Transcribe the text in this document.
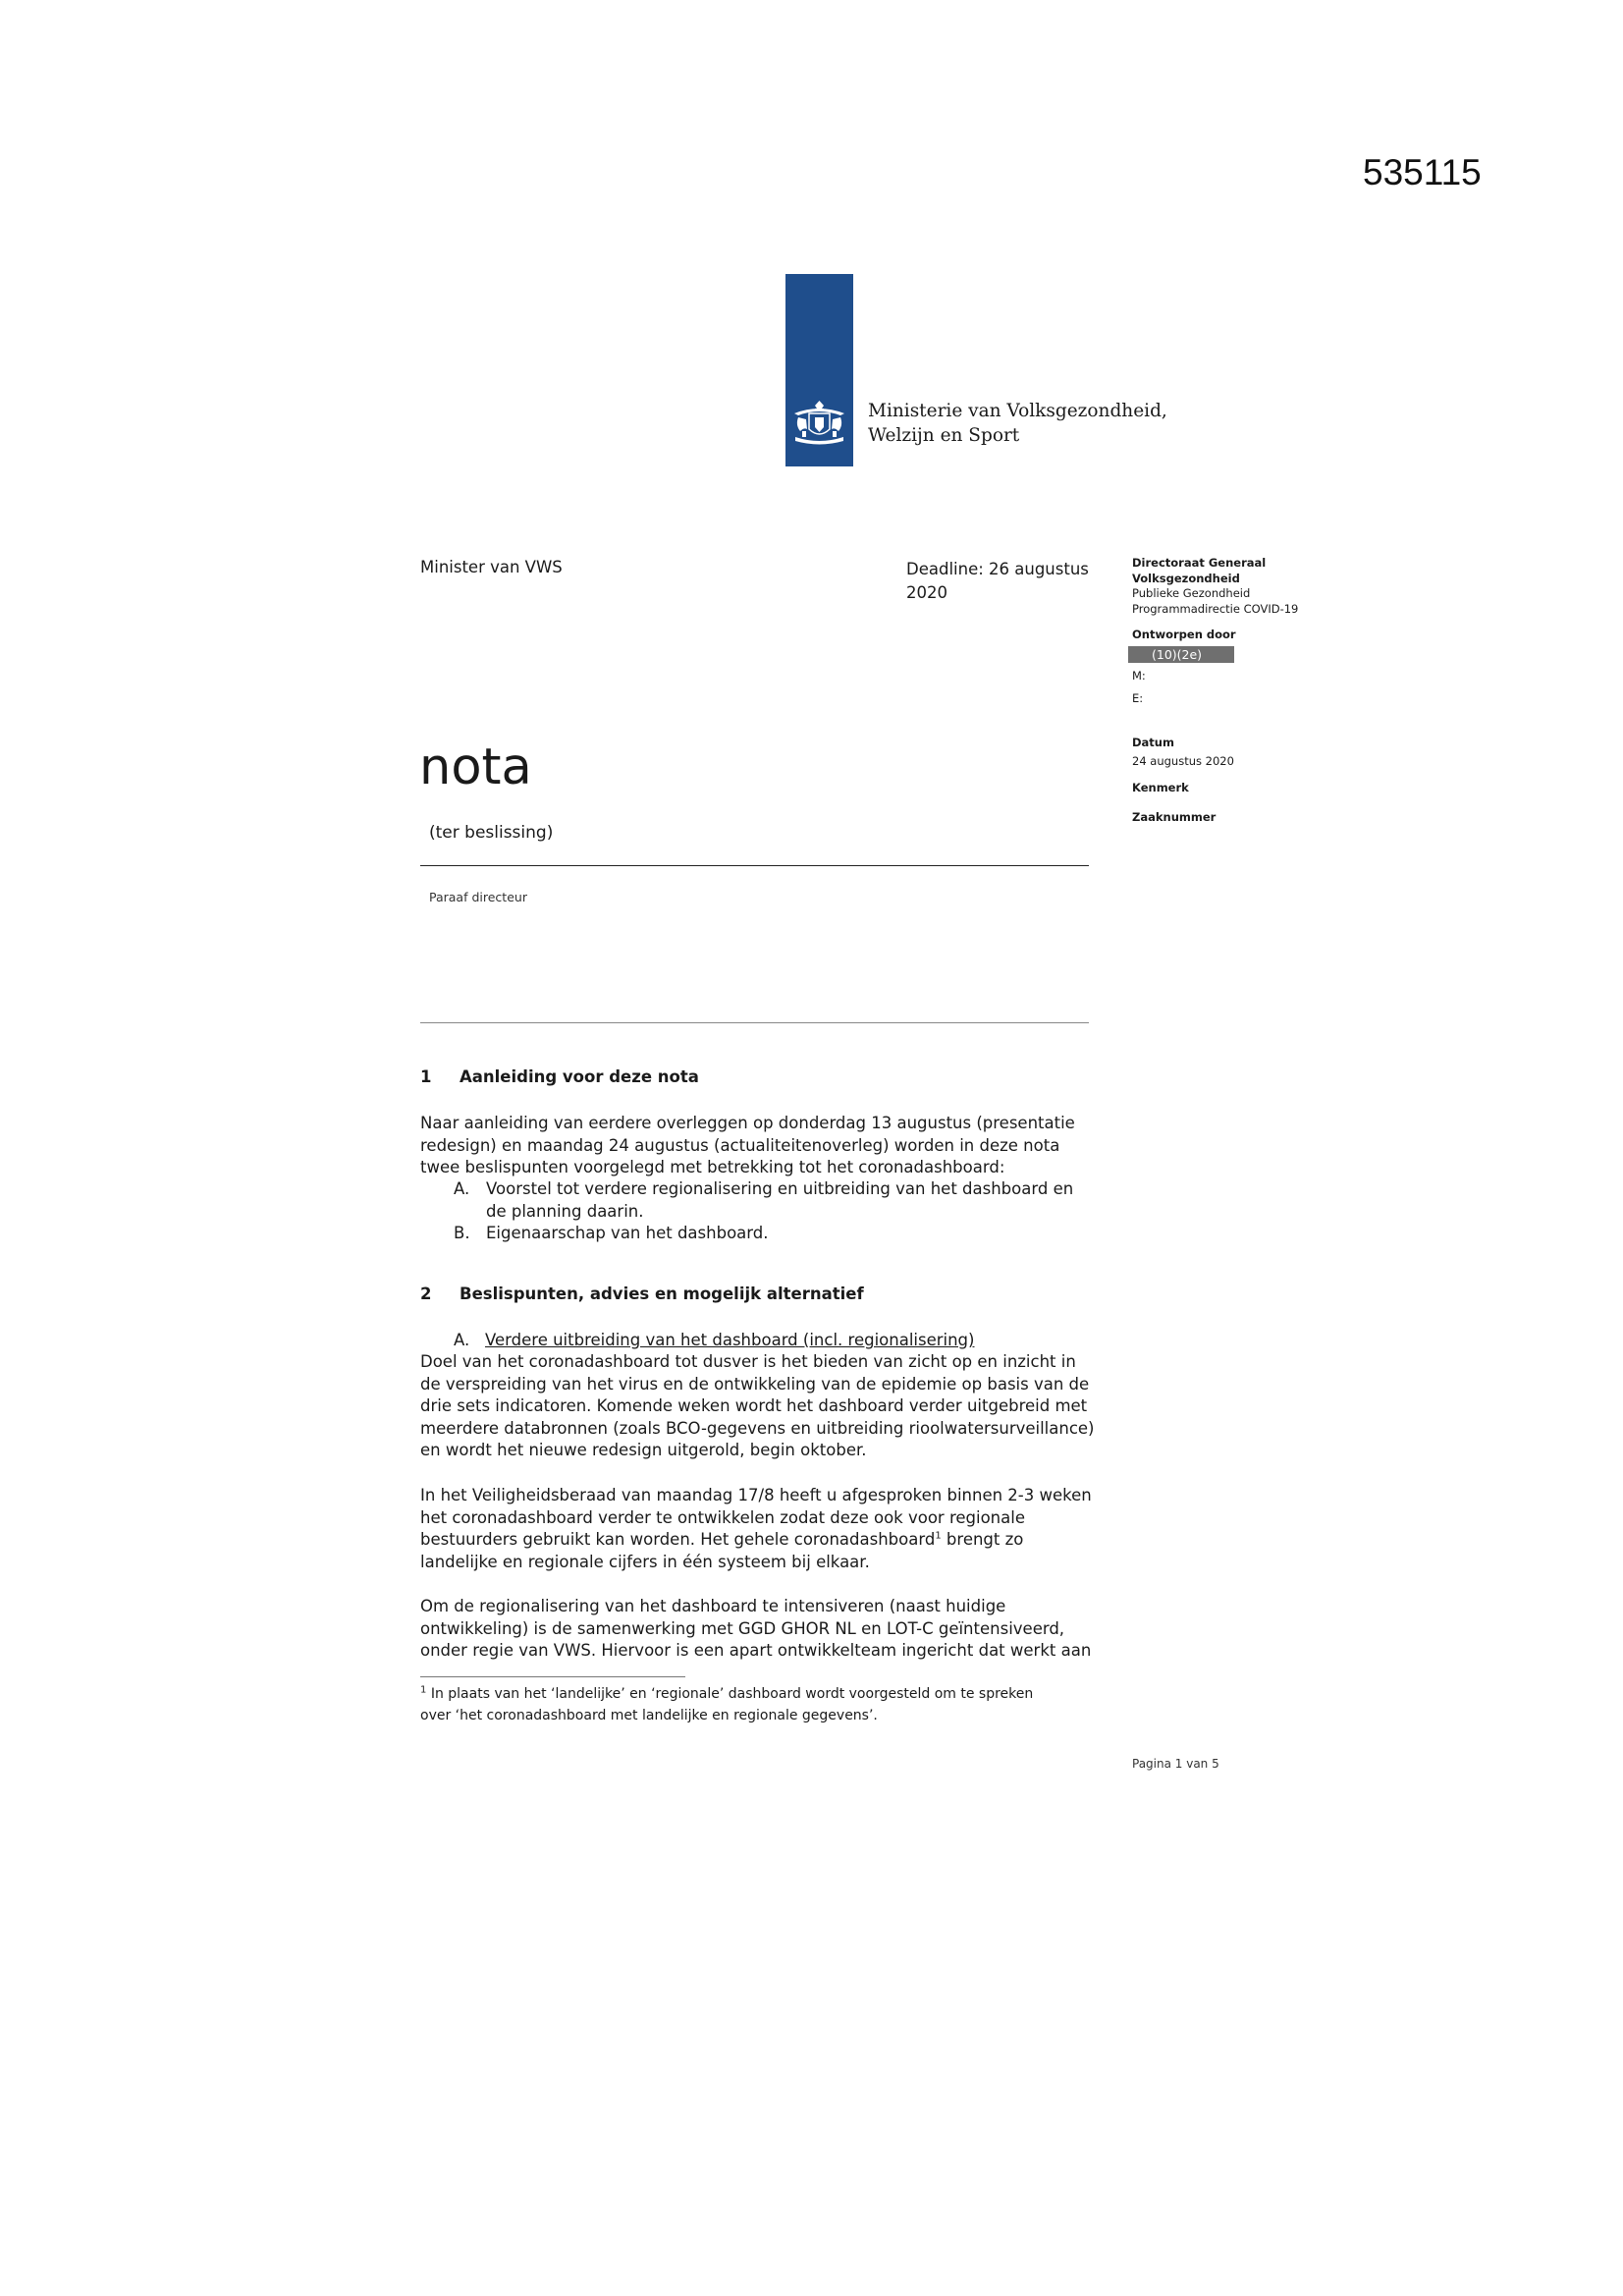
535115
Ministerie van Volksgezondheid,
Welzijn en Sport
Minister van VWS	Deadline: 26 augustus
2020
Directoraat Generaal
Volksgezondheid
Publieke Gezondheid
Programmadirectie COVID-19
Ontworpen door
(10)(2e)
M:
E:
Datum
24 augustus 2020
Kenmerk
Zaaknummer
nota
(ter beslissing)
Paraaf directeur
1 Aanleiding voor deze nota

Naar aanleiding van eerdere overleggen op donderdag 13 augustus (presentatie

redesign) en maandag 24 augustus (actualiteitenoverleg) worden in deze nota

twee beslispunten voorgelegd met betrekking tot het coronadashboard:

A. Voorstel tot verdere regionalisering en uitbreiding van het dashboard en
de planning daarin.
B. Eigenaarschap van het dashboard.
2 Beslispunten, advies en mogelijk alternatief
A. Verdere uitbreiding van het dashboard (incl. regionalisering)

Doel van het coronadashboard tot dusver is het bieden van zicht op en inzicht in

de verspreiding van het virus en de ontwikkeling van de epidemie op basis van de

drie sets indicatoren. Komende weken wordt het dashboard verder uitgebreid met

meerdere databronnen (zoals BCO-gegevens en uitbreiding rioolwatersurveillance)

en wordt het nieuwe redesign uitgerold, begin oktober.

In het Veiligheidsberaad van maandag 17/8 heeft u afgesproken binnen 2-3 weken

het coronadashboard verder te ontwikkelen zodat deze ook voor regionale

bestuurders gebruikt kan worden. Het gehele coronadashboard$^1$ brengt zo

landelijke en regionale cijfers in één systeem bij elkaar.

Om de regionalisering van het dashboard te intensiveren (naast huidige

ontwikkeling) is de samenwerking met GGD GHOR NL en LOT-C geïntensiveerd,

onder regie van VWS. Hiervoor is een apart ontwikkelteam ingericht dat werkt aan

$^1$ In plaats van het ‘landelijke’ en ‘regionale’ dashboard wordt voorgesteld om te spreken
over ‘het coronadashboard met landelijke en regionale gegevens’.
Pagina 1 van 5
